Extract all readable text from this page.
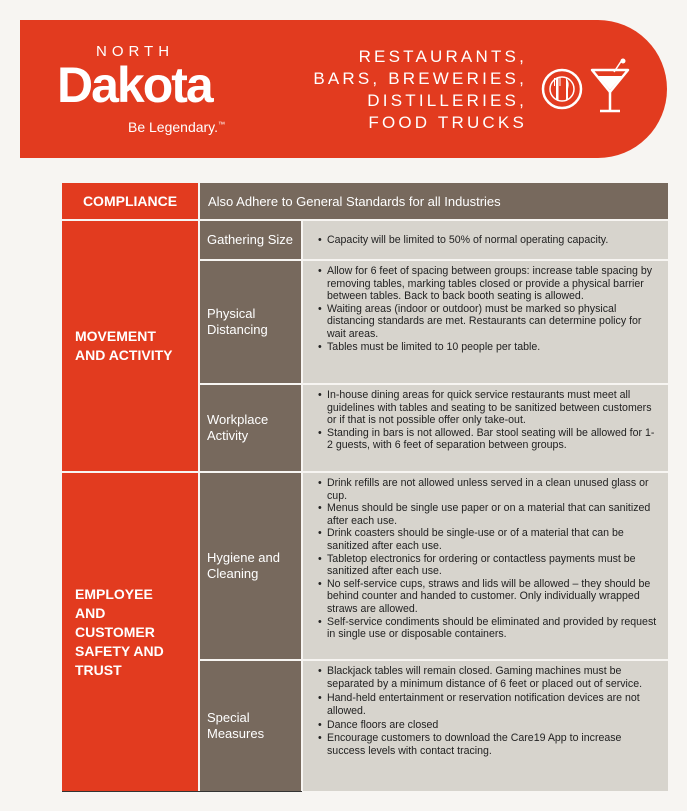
NORTH
Dakota
Be Legendary.™
RESTAURANTS,
BARS, BREWERIES,
DISTILLERIES,
FOOD TRUCKS
COMPLIANCE	Also Adhere to General Standards for all Industries
MOVEMENT AND ACTIVITY
Gathering Size
•	Capacity will be limited to 50% of normal operating capacity.
Physical Distancing
• Allow for 6 feet of spacing between groups: increase table spacing by removing tables, marking tables closed or provide a physical barrier between tables. Back to back booth seating is allowed.
• Waiting areas (indoor or outdoor) must be marked so physical distancing standards are met. Restaurants can determine policy for wait areas.
• Tables must be limited to 10 people per table.
Workplace Activity
• In-house dining areas for quick service restaurants must meet all guidelines with tables and seating to be sanitized between customers or if that is not possible offer only take-out.
• Standing in bars is not allowed. Bar stool seating will be allowed for 1-2 guests, with 6 feet of separation between groups.
EMPLOYEE AND CUSTOMER SAFETY AND TRUST
Hygiene and Cleaning
• Drink refills are not allowed unless served in a clean unused glass or cup.
• Menus should be single use paper or on a material that can sanitized after each use.
• Drink coasters should be single-use or of a material that can be sanitized after each use.
• Tabletop electronics for ordering or contactless payments must be sanitized after each use.
• No self-service cups, straws and lids will be allowed – they should be behind counter and handed to customer. Only individually wrapped straws are allowed.
• Self-service condiments should be eliminated and provided by request in single use or disposable containers.
Special Measures
• Blackjack tables will remain closed. Gaming machines must be separated by a minimum distance of 6 feet or placed out of service.
• Hand-held entertainment or reservation notification devices are not allowed.
• Dance floors are closed
• Encourage customers to download the Care19 App to increase success levels with contact tracing.
